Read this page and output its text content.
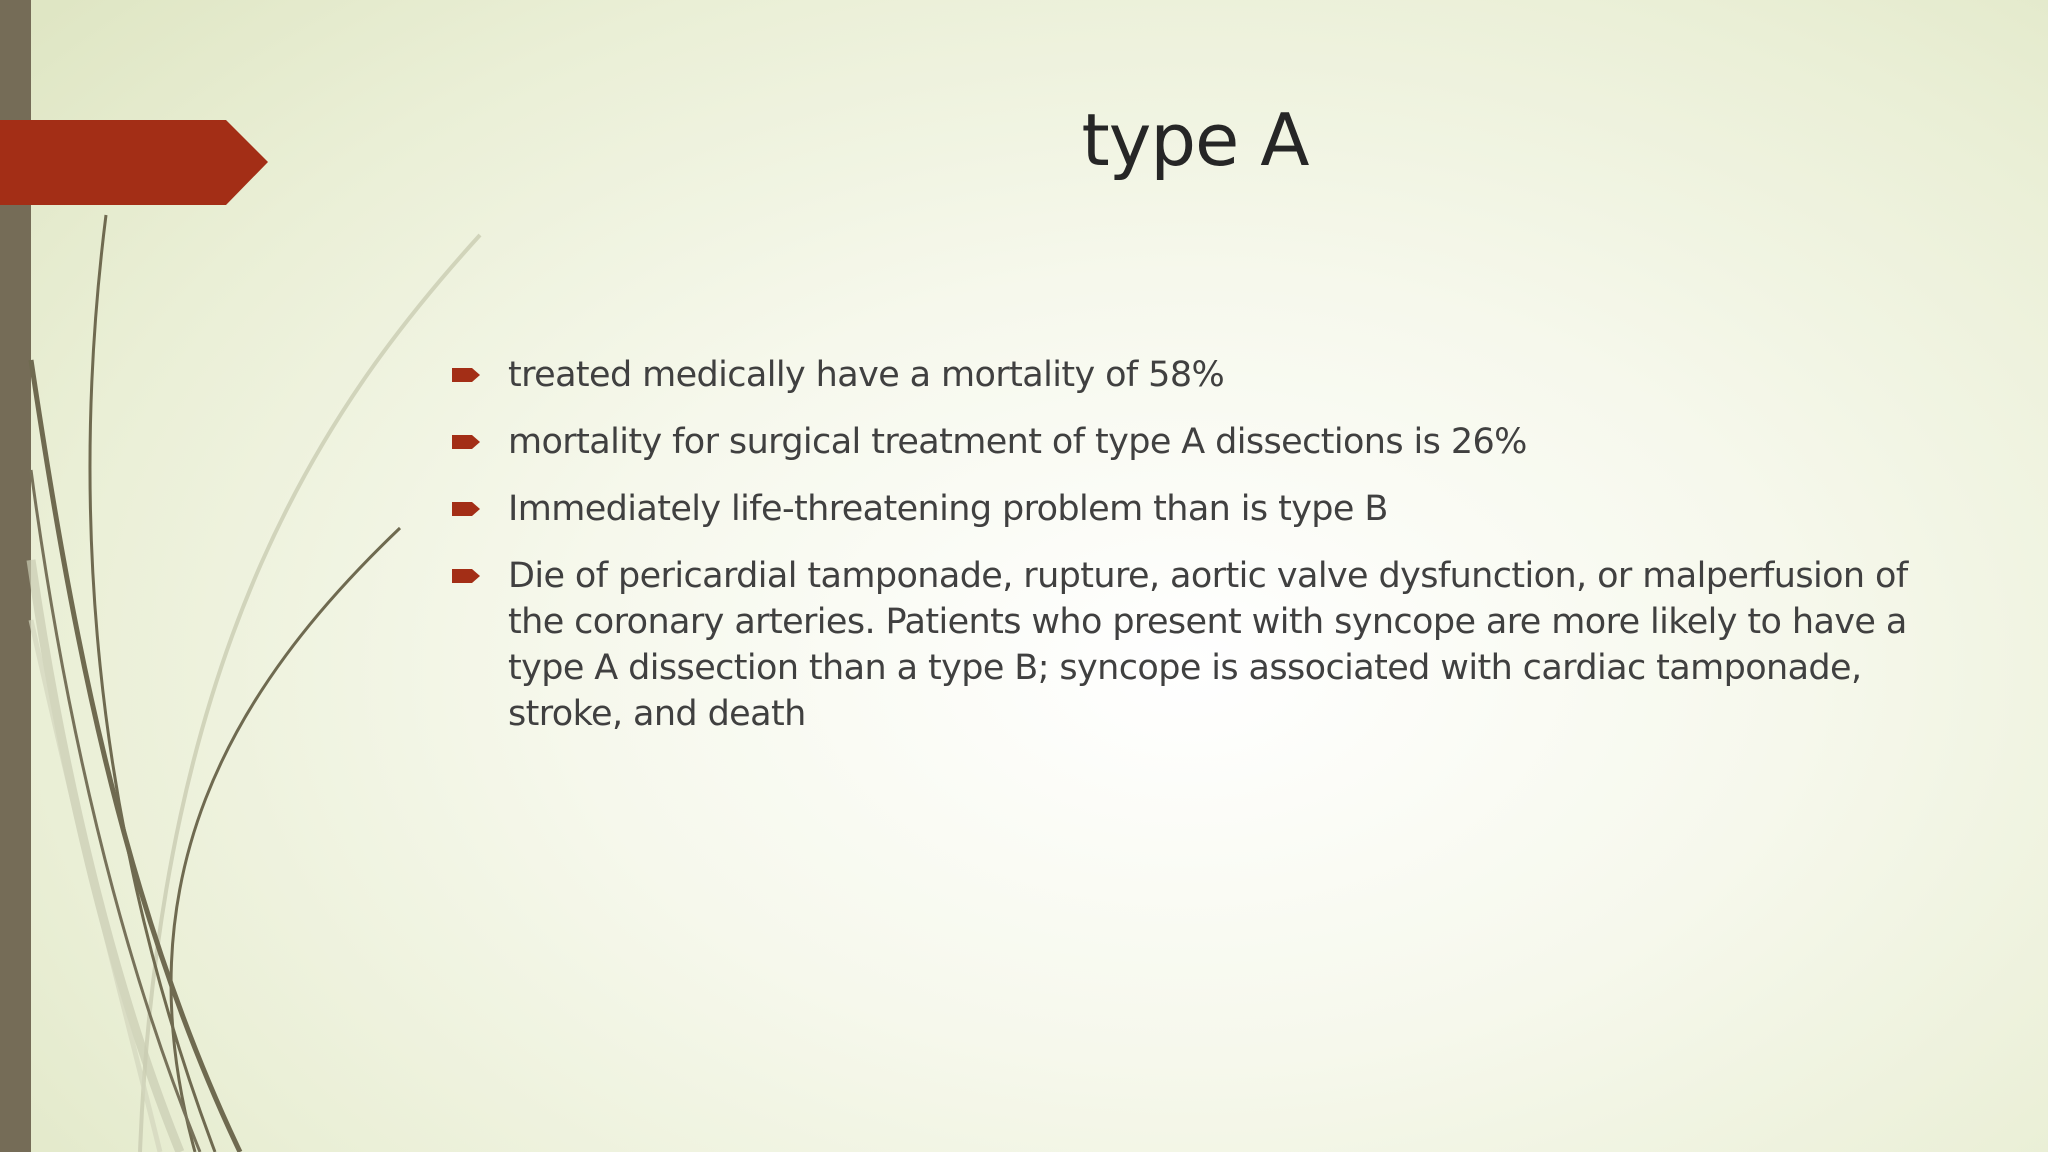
type A
treated medically have a mortality of 58%
mortality for surgical treatment of type A dissections is 26%
Immediately life-threatening problem than is type B
Die of pericardial tamponade, rupture, aortic valve dysfunction, or malperfusion of the coronary arteries. Patients who present with syncope are more likely to have a type A dissection than a type B; syncope is associated with cardiac tamponade, stroke, and death
